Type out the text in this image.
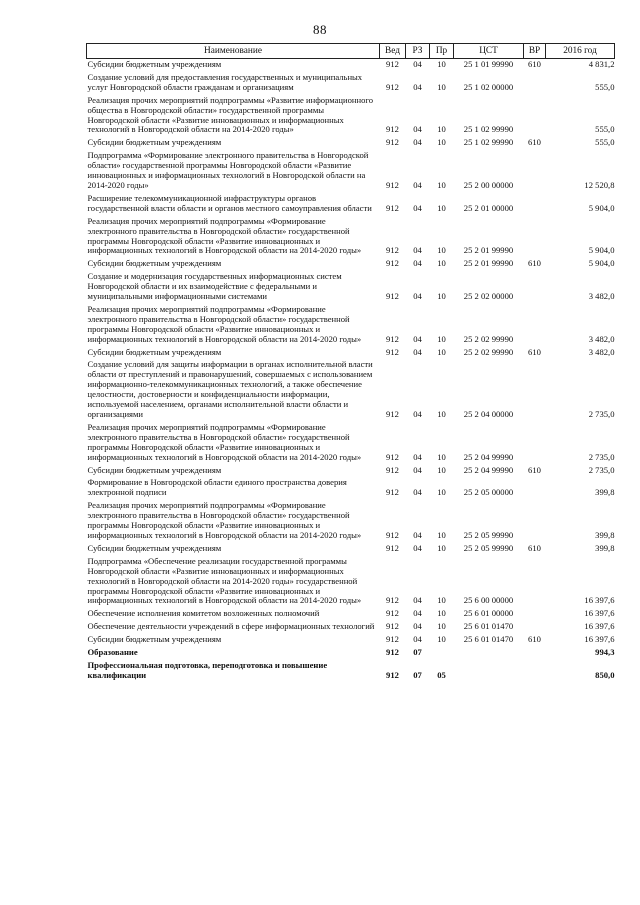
88
Наименование	Вед	РЗ	Пр	ЦСТ	ВР	2016 год
Субсидии бюджетным учреждениям	912	04	10	25 1 01 99990	610	4 831,2
Создание условий для предоставления государственных и муниципальных услуг Новгородской области гражданам и организациям	912	04	10	25 1 02 00000		555,0
Реализация прочих мероприятий подпрограммы «Развитие информационного общества в Новгородской области» государственной программы Новгородской области «Развитие инновационных и информационных технологий в Новгородской области на 2014-2020 годы»	912	04	10	25 1 02 99990		555,0
Субсидии бюджетным учреждениям	912	04	10	25 1 02 99990	610	555,0
Подпрограмма «Формирование электронного правительства в Новгородской области» государственной программы Новгородской области «Развитие инновационных и информационных технологий в Новгородской области на 2014-2020 годы»	912	04	10	25 2 00 00000		12 520,8
Расширение телекоммуникационной инфраструктуры органов государственной власти области и органов местного самоуправления области	912	04	10	25 2 01 00000		5 904,0
Реализация прочих мероприятий подпрограммы «Формирование электронного правительства в Новгородской области» государственной программы Новгородской области «Развитие инновационных и информационных технологий в Новгородской области на 2014-2020 годы»	912	04	10	25 2 01 99990		5 904,0
Субсидии бюджетным учреждениям	912	04	10	25 2 01 99990	610	5 904,0
Создание и модернизация государственных информационных систем Новгородской области и их взаимодействие с федеральными и муниципальными информационными системами	912	04	10	25 2 02 00000		3 482,0
Реализация прочих мероприятий подпрограммы «Формирование электронного правительства в Новгородской области» государственной программы Новгородской области «Развитие инновационных и информационных технологий в Новгородской области на 2014-2020 годы»	912	04	10	25 2 02 99990		3 482,0
Субсидии бюджетным учреждениям	912	04	10	25 2 02 99990	610	3 482,0
Создание условий для защиты информации в органах исполнительной власти области от преступлений и правонарушений, совершаемых с использованием информационно-телекоммуникационных технологий, а также обеспечение целостности, достоверности и конфиденциальности информации, используемой населением, органами исполнительной власти области и организациями	912	04	10	25 2 04 00000		2 735,0
Реализация прочих мероприятий подпрограммы «Формирование электронного правительства в Новгородской области» государственной программы Новгородской области «Развитие инновационных и информационных технологий в Новгородской области на 2014-2020 годы»	912	04	10	25 2 04 99990		2 735,0
Субсидии бюджетным учреждениям	912	04	10	25 2 04 99990	610	2 735,0
Формирование в Новгородской области единого пространства доверия электронной подписи	912	04	10	25 2 05 00000		399,8
Реализация прочих мероприятий подпрограммы «Формирование электронного правительства в Новгородской области» государственной программы Новгородской области «Развитие инновационных и информационных технологий в Новгородской области на 2014-2020 годы»	912	04	10	25 2 05 99990		399,8
Субсидии бюджетным учреждениям	912	04	10	25 2 05 99990	610	399,8
Подпрограмма «Обеспечение реализации государственной программы Новгородской области «Развитие инновационных и информационных технологий в Новгородской области на 2014-2020 годы» государственной программы Новгородской области «Развитие инновационных и информационных технологий в Новгородской области на 2014-2020 годы»	912	04	10	25 6 00 00000		16 397,6
Обеспечение исполнения комитетом возложенных полномочий	912	04	10	25 6 01 00000		16 397,6
Обеспечение деятельности учреждений в сфере информационных технологий	912	04	10	25 6 01 01470		16 397,6
Субсидии бюджетным учреждениям	912	04	10	25 6 01 01470	610	16 397,6
Образование	912	07				994,3
Профессиональная подготовка, переподготовка и повышение квалификации	912	07	05			850,0
